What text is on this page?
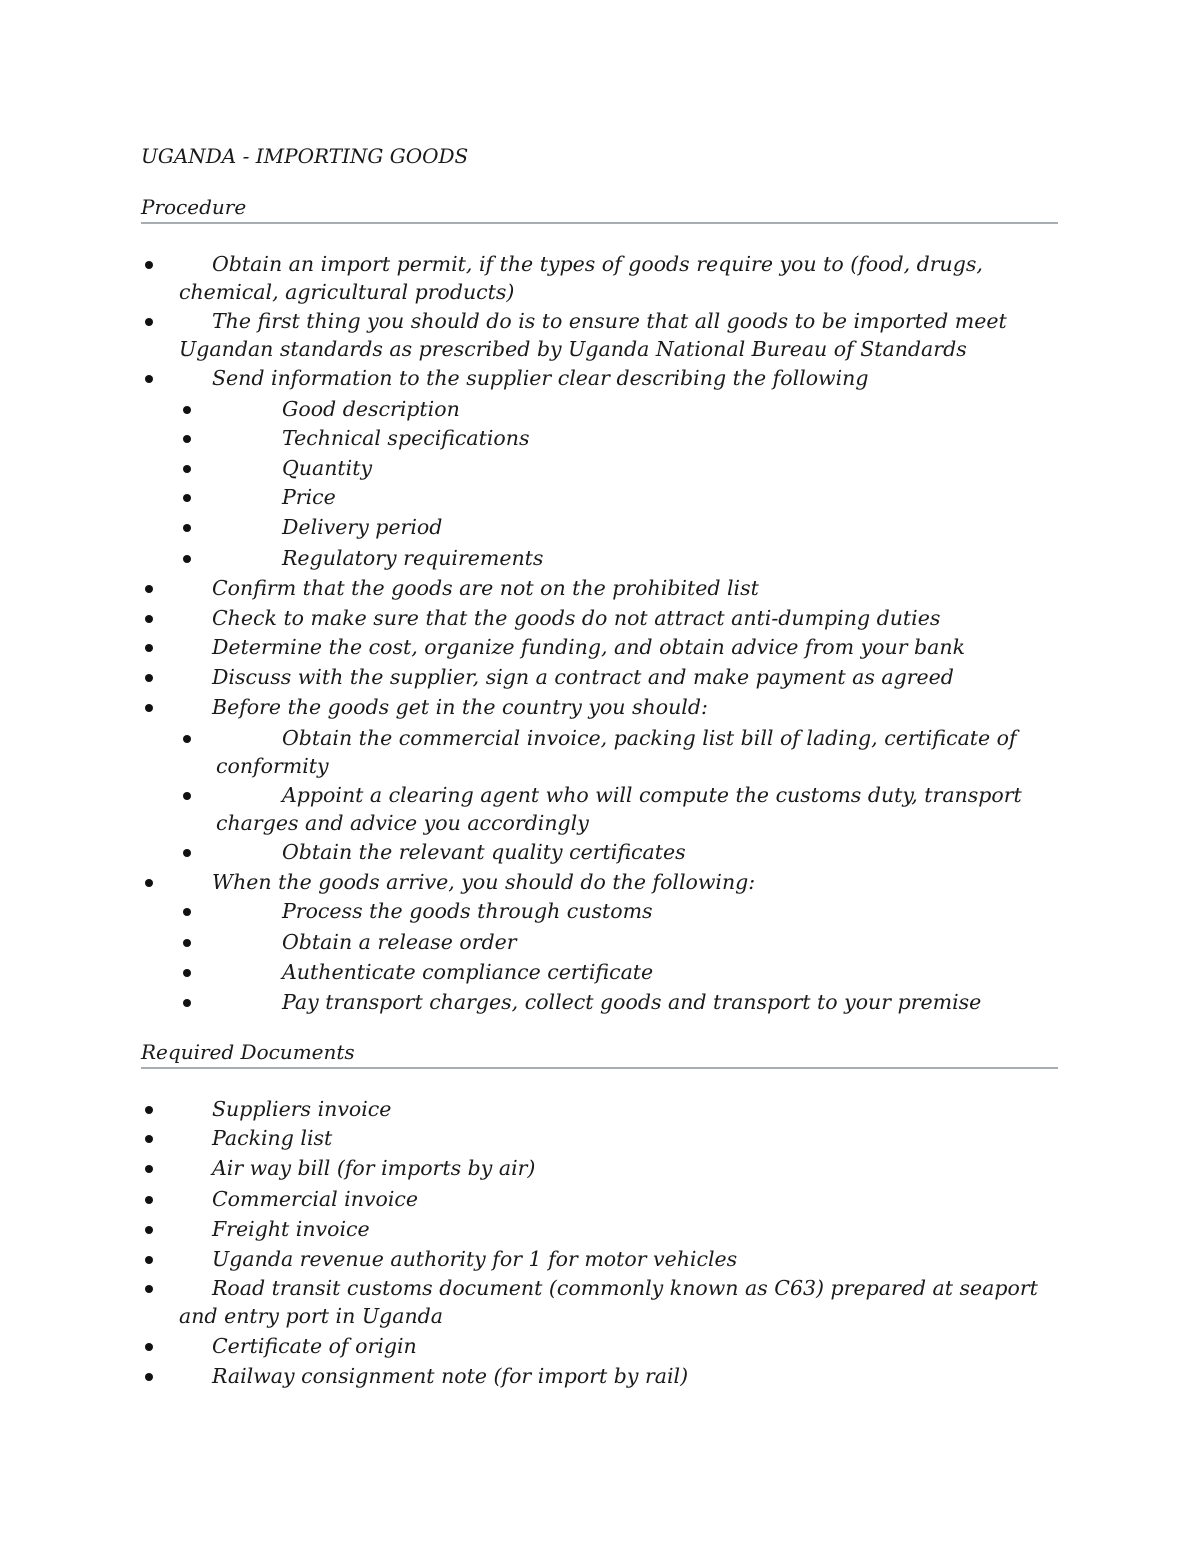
UGANDA - IMPORTING GOODS
Procedure
Obtain an import permit, if the types of goods require you to (food, drugs, chemical, agricultural products)
The first thing you should do is to ensure that all goods to be imported meet Ugandan standards as prescribed by Uganda National Bureau of Standards
Send information to the supplier clear describing the following
Good description
Technical specifications
Quantity
Price
Delivery period
Regulatory requirements
Confirm that the goods are not on the prohibited list
Check to make sure that the goods do not attract anti-dumping duties
Determine the cost, organize funding, and obtain advice from your bank
Discuss with the supplier, sign a contract and make payment as agreed
Before the goods get in the country you should:
Obtain the commercial invoice, packing list bill of lading, certificate of conformity
Appoint a clearing agent who will compute the customs duty, transport charges and advice you accordingly
Obtain the relevant quality certificates
When the goods arrive, you should do the following:
Process the goods through customs
Obtain a release order
Authenticate compliance certificate
Pay transport charges, collect goods and transport to your premise
Required Documents
Suppliers invoice
Packing list
Air way bill (for imports by air)
Commercial invoice
Freight invoice
Uganda revenue authority for 1 for motor vehicles
Road transit customs document (commonly known as C63) prepared at seaport and entry port in Uganda
Certificate of origin
Railway consignment note (for import by rail)
